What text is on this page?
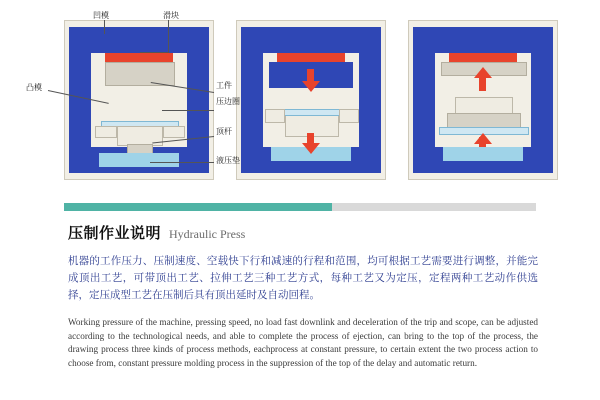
凹模	滑块
凸模	工件
压边圈
顶杆
液压垫
压制作业说明 Hydraulic Press

机器的工作压力、压制速度、空载快下行和减速的行程和范围，均可根据工艺需要进行调整，并能完成顶出工艺，可带顶出工艺、拉伸工艺三种工艺方式，每种工艺又为定压，定程两种工艺动作供选择，定压成型工艺在压制后具有顶出延时及自动回程。

Working pressure of the machine, pressing speed, no load fast downlink and deceleration of the trip and scope, can be adjusted according to the technological needs, and able to complete the process of ejection, can bring to the top of the process, the drawing process three kinds of process methods, eachprocess at constant pressure, to certain extent the two process action to choose from, constant pressure molding process in the suppression of the top of the delay and automatic return.
